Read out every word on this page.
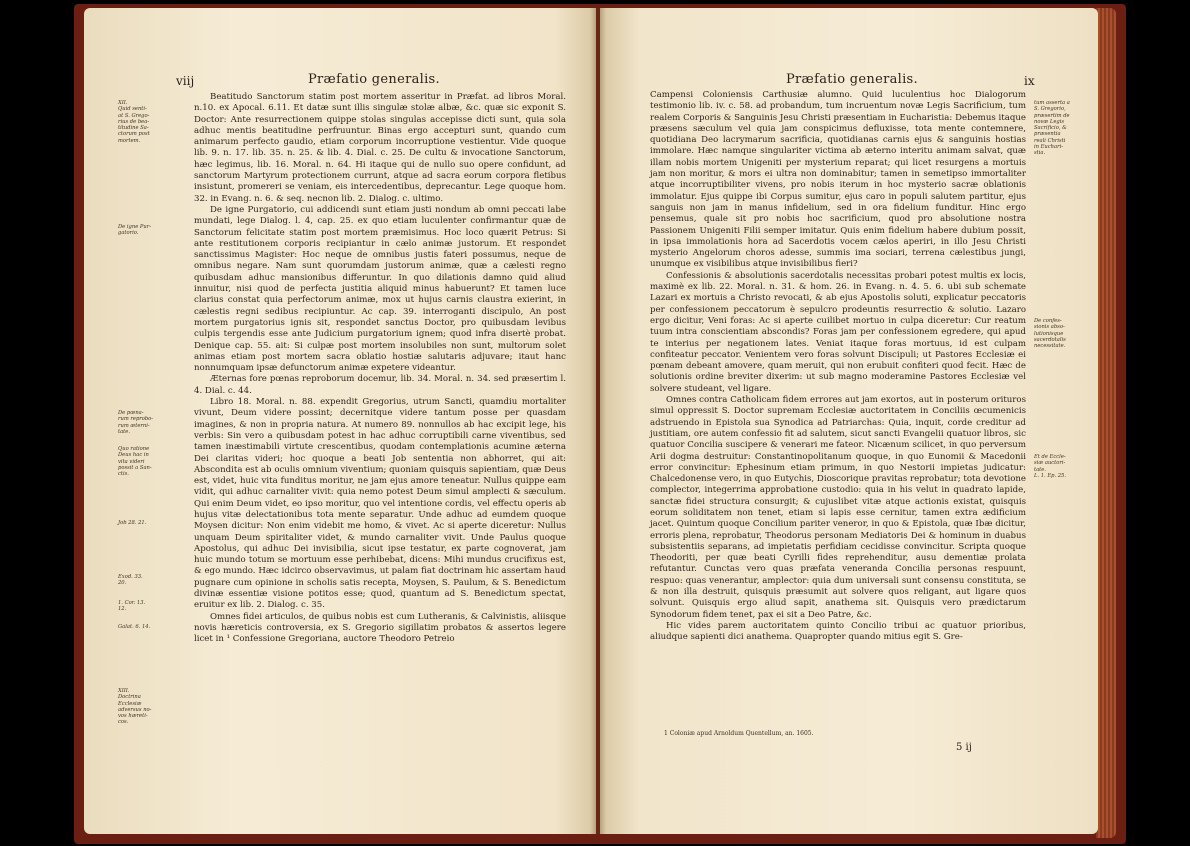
viij	Præfatio generalis.

Beatitudo Sanctorum statim post mortem asseritur in Præfat. ad libros Moral. n.10. ex Apocal. 6.11. Et datæ sunt illis singulæ stolæ albæ, &c. quæ sic exponit S. Doctor: Ante resurrectionem quippe stolas singulas accepisse dicti sunt, quia sola adhuc mentis beatitudine perfruuntur. Binas ergo accepturi sunt, quando cum animarum perfecto gaudio, etiam corporum incorruptione vestientur. Vide quoque lib. 9. n. 17. lib. 35. n. 25. & lib. 4. Dial. c. 25. De cultu & invocatione Sanctorum, hæc legimus, lib. 16. Moral. n. 64. Hi itaque qui de nullo suo opere confidunt, ad sanctorum Martyrum protectionem currunt, atque ad sacra eorum corpora fletibus insistunt, promereri se veniam, eis intercedentibus, deprecantur. Lege quoque hom. 32. in Evang. n. 6. & seq. necnon lib. 2. Dialog. c. ultimo.

De igne Purgatorio, cui addicendi sunt etiam justi nondum ab omni peccati labe mundati, lege Dialog. l. 4, cap. 25. ex quo etiam luculenter confirmantur quæ de Sanctorum felicitate statim post mortem præmisimus. Hoc loco quærit Petrus: Si ante restitutionem corporis recipiantur in cælo animæ justorum. Et respondet sanctissimus Magister: Hoc neque de omnibus justis fateri possumus, neque de omnibus negare. Nam sunt quorumdam justorum animæ, quæ a cælesti regno quibusdam adhuc mansionibus differuntur. In quo dilationis damno quid aliud innuitur, nisi quod de perfecta justitia aliquid minus habuerunt? Et tamen luce clarius constat quia perfectorum animæ, mox ut hujus carnis claustra exierint, in cælestis regni sedibus recipiuntur. Ac cap. 39. interroganti discipulo, An post mortem purgatorius ignis sit, respondet sanctus Doctor, pro quibusdam levibus culpis tergendis esse ante Judicium purgatorium ignem; quod infra disertè probat. Denique cap. 55. ait: Si culpæ post mortem insolubiles non sunt, multorum solet animas etiam post mortem sacra oblatio hostiæ salutaris adjuvare; itaut hanc nonnumquam ipsæ defunctorum animæ expetere videantur.

Æternas fore pœnas reproborum docemur, lib. 34. Moral. n. 34. sed præsertim l. 4. Dial. c. 44.

Libro 18. Moral. n. 88. expendit Gregorius, utrum Sancti, quamdiu mortaliter vivunt, Deum videre possint; decernitque videre tantum posse per quasdam imagines, & non in propria natura. At numero 89. nonnullos ab hac excipit lege, his verbis: Sin vero a quibusdam potest in hac adhuc corruptibili carne viventibus, sed tamen inæstimabili virtute crescentibus, quodam contemplationis acumine æterna Dei claritas videri; hoc quoque a beati Job sententia non abhorret, qui ait: Abscondita est ab oculis omnium viventium; quoniam quisquis sapientiam, quæ Deus est, videt, huic vita funditus moritur, ne jam ejus amore teneatur. Nullus quippe eam vidit, qui adhuc carnaliter vivit: quia nemo potest Deum simul amplecti & sæculum. Qui enim Deum videt, eo ipso moritur, quo vel intentione cordis, vel effectu operis ab hujus vitæ delectationibus tota mente separatur. Unde adhuc ad eumdem quoque Moysen dicitur: Non enim videbit me homo, & vivet. Ac si aperte diceretur: Nullus unquam Deum spiritaliter videt, & mundo carnaliter vivit. Unde Paulus quoque Apostolus, qui adhuc Dei invisibilia, sicut ipse testatur, ex parte cognoverat, jam huic mundo totum se mortuum esse perhibebat, dicens: Mihi mundus crucifixus est, & ego mundo. Hæc idcirco observavimus, ut palam fiat doctrinam hic assertam haud pugnare cum opinione in scholis satis recepta, Moysen, S. Paulum, & S. Benedictum divinæ essentiæ visione potitos esse; quod, quantum ad S. Benedictum spectat, eruitur ex lib. 2. Dialog. c. 35.

Omnes fidei articulos, de quibus nobis est cum Lutheranis, & Calvinistis, aliisque novis hæreticis controversia, ex S. Gregorio sigillatim probatos & assertos legere licet in ¹ Confessione Gregoriana, auctore Theodoro Petreio

XII.
Quid senti-
at S. Grego-
rius de bea-
titudine Sa-
ctorum post
mortem.
De igne Pur-
gatorio.
De pœna-
rum reprobo-
rum æterni-
tate.
Quo ratione
Deus hac in
vita videri
possit a San-
ctis.
Job 28. 21.
Exod. 33.
20.
1. Cor. 13.
12.
Galat. 6. 14.
XIII.
Doctrina
Ecclesiæ
adversus no-
vos hæreti-
cos.
Præfatio generalis.	ix

Campensi Coloniensis Carthusiæ alumno. Quid luculentius hoc Dialogorum testimonio lib. iv. c. 58. ad probandum, tum incruentum novæ Legis Sacrificium, tum realem Corporis & Sanguinis Jesu Christi præsentiam in Eucharistia: Debemus itaque præsens sæculum vel quia jam conspicimus defluxisse, tota mente contemnere, quotidiana Deo lacrymarum sacrificia, quotidianas carnis ejus & sanguinis hostias immolare. Hæc namque singulariter victima ab æterno interitu animam salvat, quæ illam nobis mortem Unigeniti per mysterium reparat; qui licet resurgens a mortuis jam non moritur, & mors ei ultra non dominabitur; tamen in semetipso immortaliter atque incorruptibiliter vivens, pro nobis iterum in hoc mysterio sacræ oblationis immolatur. Ejus quippe ibi Corpus sumitur, ejus caro in populi salutem partitur, ejus sanguis non jam in manus infidelium, sed in ora fidelium funditur. Hinc ergo pensemus, quale sit pro nobis hoc sacrificium, quod pro absolutione nostra Passionem Unigeniti Filii semper imitatur. Quis enim fidelium habere dubium possit, in ipsa immolationis hora ad Sacerdotis vocem cælos aperiri, in illo Jesu Christi mysterio Angelorum choros adesse, summis ima sociari, terrena cælestibus jungi, unumque ex visibilibus atque invisibilibus fieri?

Confessionis & absolutionis sacerdotalis necessitas probari potest multis ex locis, maximè ex lib. 22. Moral. n. 31. & hom. 26. in Evang. n. 4. 5. 6. ubi sub schemate Lazari ex mortuis a Christo revocati, & ab ejus Apostolis soluti, explicatur peccatoris per confessionem peccatorum è sepulcro prodeuntis resurrectio & solutio. Lazaro ergo dicitur, Veni foras: Ac si aperte cuilibet mortuo in culpa diceretur: Cur reatum tuum intra conscientiam abscondis? Foras jam per confessionem egredere, qui apud te interius per negationem lates. Veniat itaque foras mortuus, id est culpam confiteatur peccator. Venientem vero foras solvunt Discipuli; ut Pastores Ecclesiæ ei pœnam debeant amovere, quam meruit, qui non erubuit confiteri quod fecit. Hæc de solutionis ordine breviter dixerim: ut sub magno moderamine Pastores Ecclesiæ vel solvere studeant, vel ligare.

Omnes contra Catholicam fidem errores aut jam exortos, aut in posterum orituros simul oppressit S. Doctor supremam Ecclesiæ auctoritatem in Conciliis œcumenicis adstruendo in Epistola sua Synodica ad Patriarchas: Quia, inquit, corde creditur ad justitiam, ore autem confessio fit ad salutem, sicut sancti Evangelii quatuor libros, sic quatuor Concilia suscipere & venerari me fateor. Nicænum scilicet, in quo perversum Arii dogma destruitur: Constantinopolitanum quoque, in quo Eunomii & Macedonii error convincitur: Ephesinum etiam primum, in quo Nestorii impietas judicatur: Chalcedonense vero, in quo Eutychis, Dioscorique pravitas reprobatur; tota devotione complector, integerrima approbatione custodio: quia in his velut in quadrato lapide, sanctæ fidei structura consurgit; & cujuslibet vitæ atque actionis existat, quisquis eorum soliditatem non tenet, etiam si lapis esse cernitur, tamen extra ædificium jacet. Quintum quoque Concilium pariter veneror, in quo & Epistola, quæ Ibæ dicitur, erroris plena, reprobatur, Theodorus personam Mediatoris Dei & hominum in duabus subsistentiis separans, ad impietatis perfidiam cecidisse convincitur. Scripta quoque Theodoriti, per quæ beati Cyrilli fides reprehenditur, ausu dementiæ prolata refutantur. Cunctas vero quas præfata veneranda Concilia personas respuunt, respuo: quas venerantur, amplector: quia dum universali sunt consensu constituta, se & non illa destruit, quisquis præsumit aut solvere quos religant, aut ligare quos solvunt. Quisquis ergo aliud sapit, anathema sit. Quisquis vero prædictarum Synodorum fidem tenet, pax ei sit a Deo Patre, &c.

Hic vides parem auctoritatem quinto Concilio tribui ac quatuor prioribus, aliudque sapienti dici anathema. Quapropter quando mitius egit S. Gre-

tum asserta a
S. Gregorio,
præsertim de
novæ Legis
Sacrificio, &
præsentia
reali Christi
in Euchari-
stia.
De confes-
sionis abso-
lutionisque
sacerdotalis
necessitate.
Et de Eccle-
siæ auctori-
tate.
L. 1. Ep. 25.
1 Coloniæ apud Arnoldum Quentellum, an. 1605.
5 ij
